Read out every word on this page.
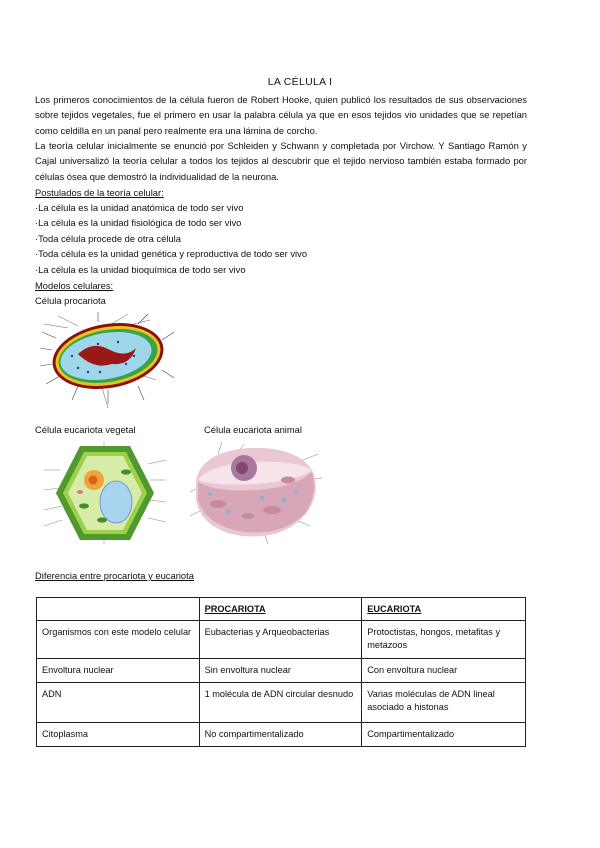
LA CÉLULA I

Los primeros conocimientos de la célula fueron de Robert Hooke, quien publicó los resultados de sus observaciones sobre tejidos vegetales, fue el primero en usar la palabra célula ya que en esos tejidos vio unidades que se repetían como celdilla en un panal pero realmente era una lámina de corcho.

La teoría celular inicialmente se enunció por Schleiden y Schwann y completada por Virchow. Y Santiago Ramón y Cajal universalizó la teoría celular a todos los tejidos al descubrir que el tejido nervioso también estaba formado por células ósea que demostró la individualidad de la neurona.

Postulados de la teoría celular:
·La célula es la unidad anatómica de todo ser vivo
·La célula es la unidad fisiológica de todo ser vivo
·Toda célula procede de otra célula
·Toda célula es la unidad genética y reproductiva de todo ser vivo
·La célula es la unidad bioquímica de todo ser vivo
Modelos celulares:
Célula procariota
Célula eucariota vegetal	Célula eucariota animal
Diferencia entre procariota y eucariota
	PROCARIOTA	EUCARIOTA
Organismos con este modelo celular	Eubacterias y Arqueobacterias	Protoctistas, hongos, metafitas y metazoos
Envoltura nuclear	Sin envoltura nuclear	Con envoltura nuclear
ADN	1 molécula de ADN circular desnudo	Varias moléculas de ADN lineal asociado a histonas
Citoplasma	No compartimentalizado	Compartimentalizado
